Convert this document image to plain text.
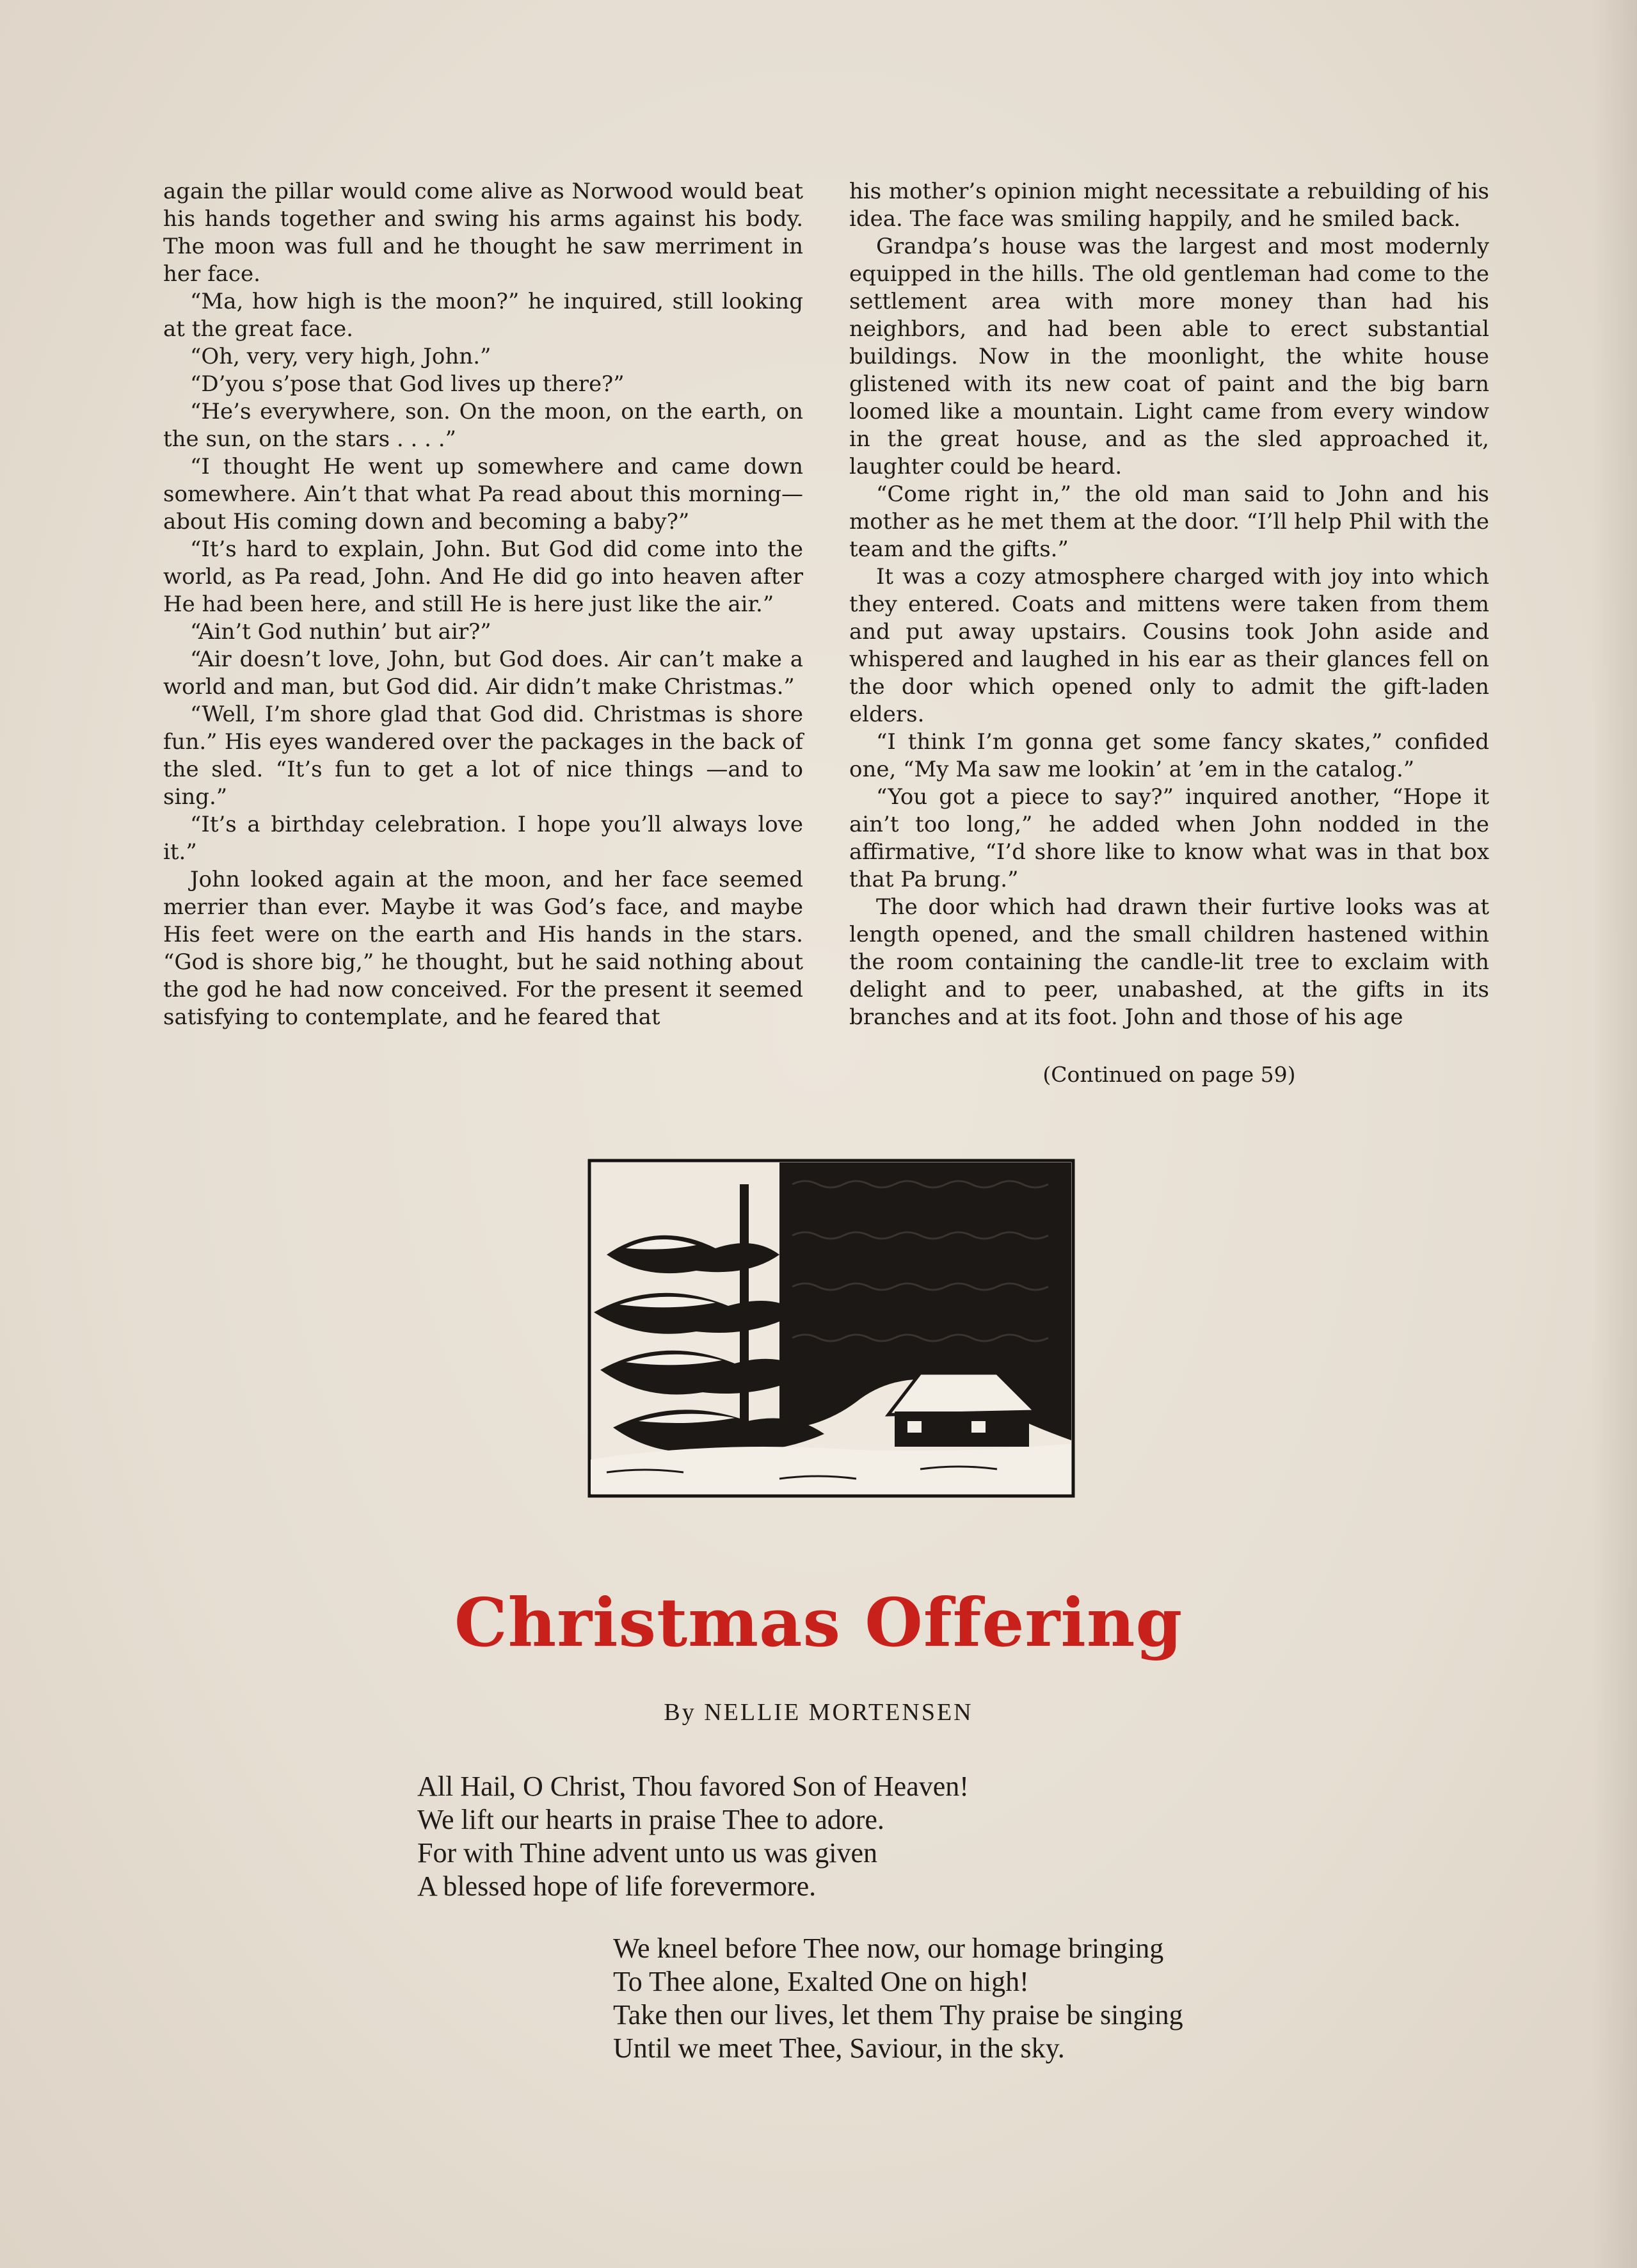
again the pillar would come alive as Norwood would beat his hands together and swing his arms against his body. The moon was full and he thought he saw merriment in her face.

“Ma, how high is the moon?” he inquired, still looking at the great face.

“Oh, very, very high, John.”

“D’you s’pose that God lives up there?”

“He’s everywhere, son. On the moon, on the earth, on the sun, on the stars . . . .”

“I thought He went up somewhere and came down somewhere. Ain’t that what Pa read about this morning—about His coming down and becoming a baby?”

“It’s hard to explain, John. But God did come into the world, as Pa read, John. And He did go into heaven after He had been here, and still He is here just like the air.”

“Ain’t God nuthin’ but air?”

“Air doesn’t love, John, but God does. Air can’t make a world and man, but God did. Air didn’t make Christmas.”

“Well, I’m shore glad that God did. Christmas is shore fun.” His eyes wandered over the packages in the back of the sled. “It’s fun to get a lot of nice things —and to sing.”

“It’s a birthday celebration. I hope you’ll always love it.”

John looked again at the moon, and her face seemed merrier than ever. Maybe it was God’s face, and maybe His feet were on the earth and His hands in the stars. “God is shore big,” he thought, but he said nothing about the god he had now conceived. For the present it seemed satisfying to contemplate, and he feared that

his mother’s opinion might necessitate a rebuilding of his idea. The face was smiling happily, and he smiled back.

Grandpa’s house was the largest and most modernly equipped in the hills. The old gentleman had come to the settlement area with more money than had his neighbors, and had been able to erect substantial buildings. Now in the moonlight, the white house glistened with its new coat of paint and the big barn loomed like a mountain. Light came from every window in the great house, and as the sled approached it, laughter could be heard.

“Come right in,” the old man said to John and his mother as he met them at the door. “I’ll help Phil with the team and the gifts.”

It was a cozy atmosphere charged with joy into which they entered. Coats and mittens were taken from them and put away upstairs. Cousins took John aside and whispered and laughed in his ear as their glances fell on the door which opened only to admit the gift-laden elders.

“I think I’m gonna get some fancy skates,” confided one, “My Ma saw me lookin’ at ’em in the catalog.”

“You got a piece to say?” inquired another, “Hope it ain’t too long,” he added when John nodded in the affirmative, “I’d shore like to know what was in that box that Pa brung.”

The door which had drawn their furtive looks was at length opened, and the small children hastened within the room containing the candle-lit tree to exclaim with delight and to peer, unabashed, at the gifts in its branches and at its foot. John and those of his age

(Continued on page 59)
Christmas Offering
By NELLIE MORTENSEN
All Hail, O Christ, Thou favored Son of Heaven!
We lift our hearts in praise Thee to adore.
For with Thine advent unto us was given
A blessed hope of life forevermore.
We kneel before Thee now, our homage bringing
To Thee alone, Exalted One on high!
Take then our lives, let them Thy praise be singing
Until we meet Thee, Saviour, in the sky.
